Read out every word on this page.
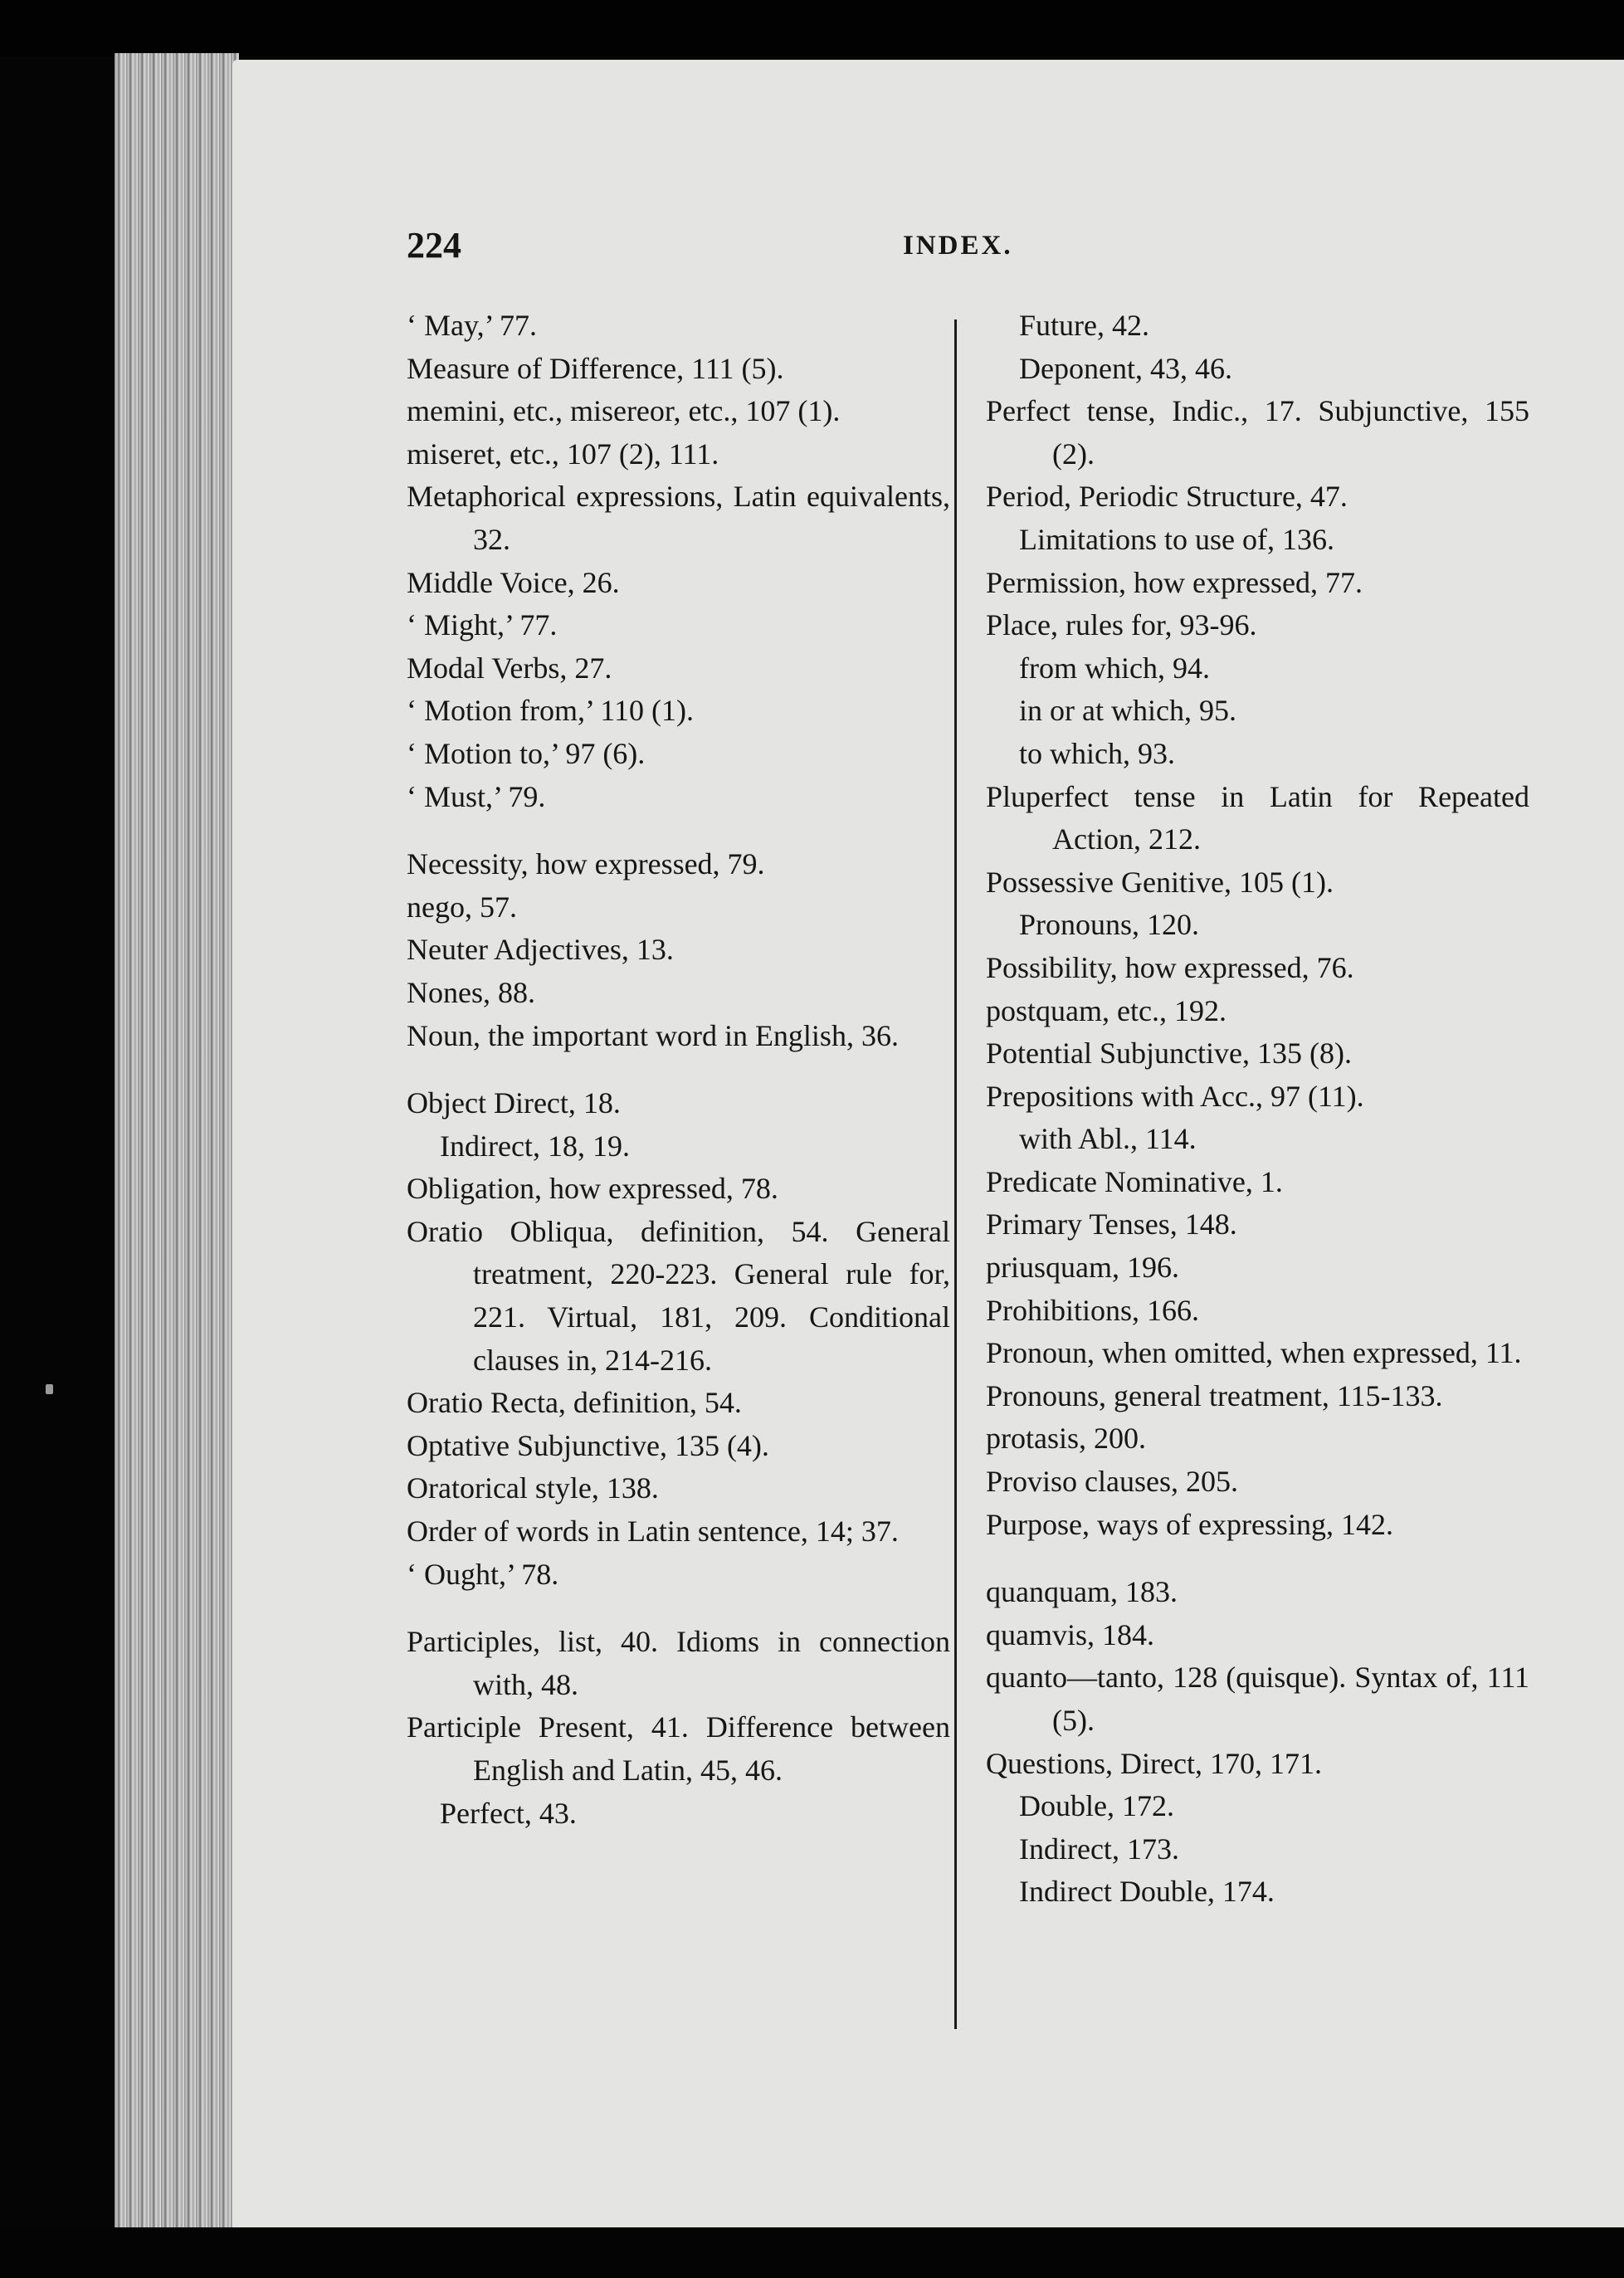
224	INDEX.
‘ May,’ 77.
Measure of Difference, 111 (5).
memini, etc., misereor, etc., 107 (1).
miseret, etc., 107 (2), 111.
Metaphorical expressions, Latin equivalents, 32.
Middle Voice, 26.
‘ Might,’ 77.
Modal Verbs, 27.
‘ Motion from,’ 110 (1).
‘ Motion to,’ 97 (6).
‘ Must,’ 79.
Necessity, how expressed, 79.
nego, 57.
Neuter Adjectives, 13.
Nones, 88.
Noun, the important word in English, 36.
Object Direct, 18.
Indirect, 18, 19.
Obligation, how expressed, 78.
Oratio Obliqua, definition, 54. General treatment, 220-223. General rule for, 221. Virtual, 181, 209. Conditional clauses in, 214-216.
Oratio Recta, definition, 54.
Optative Subjunctive, 135 (4).
Oratorical style, 138.
Order of words in Latin sentence, 14; 37.
‘ Ought,’ 78.
Participles, list, 40. Idioms in connection with, 48.
Participle Present, 41. Difference between English and Latin, 45, 46.
Perfect, 43.
Future, 42.
Deponent, 43, 46.
Perfect tense, Indic., 17. Subjunctive, 155 (2).
Period, Periodic Structure, 47.
Limitations to use of, 136.
Permission, how expressed, 77.
Place, rules for, 93-96.
from which, 94.
in or at which, 95.
to which, 93.
Pluperfect tense in Latin for Repeated Action, 212.
Possessive Genitive, 105 (1).
Pronouns, 120.
Possibility, how expressed, 76.
postquam, etc., 192.
Potential Subjunctive, 135 (8).
Prepositions with Acc., 97 (11).
with Abl., 114.
Predicate Nominative, 1.
Primary Tenses, 148.
priusquam, 196.
Prohibitions, 166.
Pronoun, when omitted, when expressed, 11.
Pronouns, general treatment, 115-133.
protasis, 200.
Proviso clauses, 205.
Purpose, ways of expressing, 142.
quanquam, 183.
quamvis, 184.
quanto—tanto, 128 (quisque). Syntax of, 111 (5).
Questions, Direct, 170, 171.
Double, 172.
Indirect, 173.
Indirect Double, 174.
